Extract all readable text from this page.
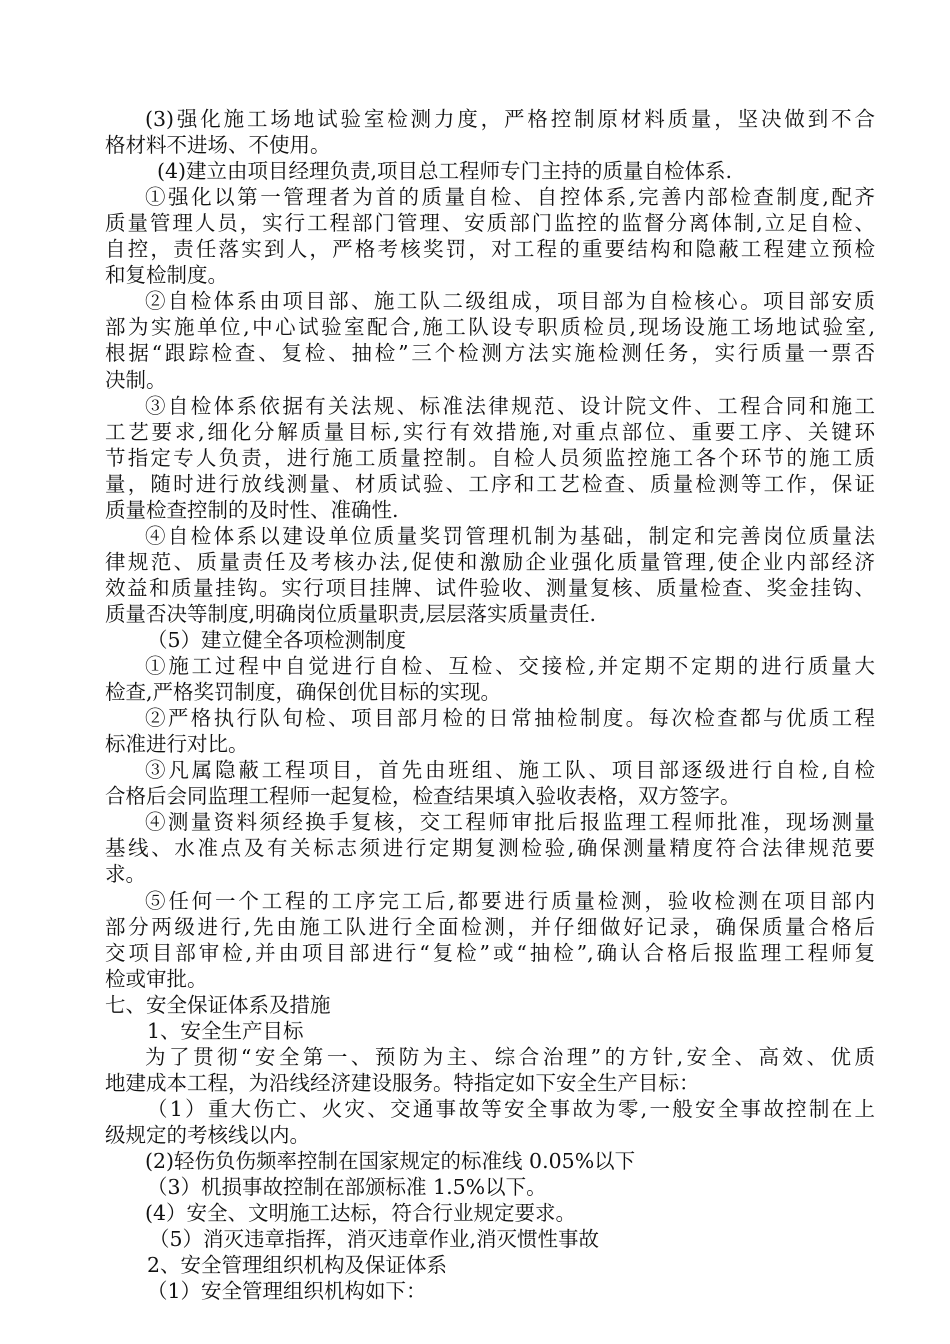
(3)强化施工场地试验室检测力度，严格控制原材料质量，坚决做到不合
格材料不进场、不使用。
(4)建立由项目经理负责,项目总工程师专门主持的质量自检体系.
①强化以第一管理者为首的质量自检、自控体系,完善内部检查制度,配齐
质量管理人员，实行工程部门管理、安质部门监控的监督分离体制,立足自检、
自控，责任落实到人，严格考核奖罚，对工程的重要结构和隐蔽工程建立预检
和复检制度。
②自检体系由项目部、施工队二级组成，项目部为自检核心。项目部安质
部为实施单位,中心试验室配合,施工队设专职质检员,现场设施工场地试验室,
根据“跟踪检查、复检、抽检”三个检测方法实施检测任务，实行质量一票否
决制。
③自检体系依据有关法规、标准法律规范、设计院文件、工程合同和施工
工艺要求,细化分解质量目标,实行有效措施,对重点部位、重要工序、关键环
节指定专人负责，进行施工质量控制。自检人员须监控施工各个环节的施工质
量，随时进行放线测量、材质试验、工序和工艺检查、质量检测等工作，保证
质量检查控制的及时性、准确性.
④自检体系以建设单位质量奖罚管理机制为基础，制定和完善岗位质量法
律规范、质量责任及考核办法,促使和激励企业强化质量管理,使企业内部经济
效益和质量挂钩。实行项目挂牌、试件验收、测量复核、质量检查、奖金挂钩、
质量否决等制度,明确岗位质量职责,层层落实质量责任.
（5）建立健全各项检测制度
①施工过程中自觉进行自检、互检、交接检,并定期不定期的进行质量大
检查,严格奖罚制度，确保创优目标的实现。
②严格执行队旬检、项目部月检的日常抽检制度。每次检查都与优质工程
标准进行对比。
③凡属隐蔽工程项目，首先由班组、施工队、项目部逐级进行自检,自检
合格后会同监理工程师一起复检，检查结果填入验收表格，双方签字。
④测量资料须经换手复核，交工程师审批后报监理工程师批准，现场测量
基线、水准点及有关标志须进行定期复测检验,确保测量精度符合法律规范要
求。
⑤任何一个工程的工序完工后,都要进行质量检测，验收检测在项目部内
部分两级进行,先由施工队进行全面检测，并仔细做好记录，确保质量合格后
交项目部审检,并由项目部进行“复检”或“抽检”,确认合格后报监理工程师复
检或审批。
七、安全保证体系及措施
1、安全生产目标
为了贯彻“安全第一、预防为主、综合治理”的方针,安全、高效、优质
地建成本工程，为沿线经济建设服务。特指定如下安全生产目标：
（1）重大伤亡、火灾、交通事故等安全事故为零,一般安全事故控制在上
级规定的考核线以内。
(2)轻伤负伤频率控制在国家规定的标准线 0.05%以下
（3）机损事故控制在部颁标准 1.5%以下。
(4）安全、文明施工达标，符合行业规定要求。
（5）消灭违章指挥，消灭违章作业,消灭惯性事故
2、安全管理组织机构及保证体系
（1）安全管理组织机构如下：
